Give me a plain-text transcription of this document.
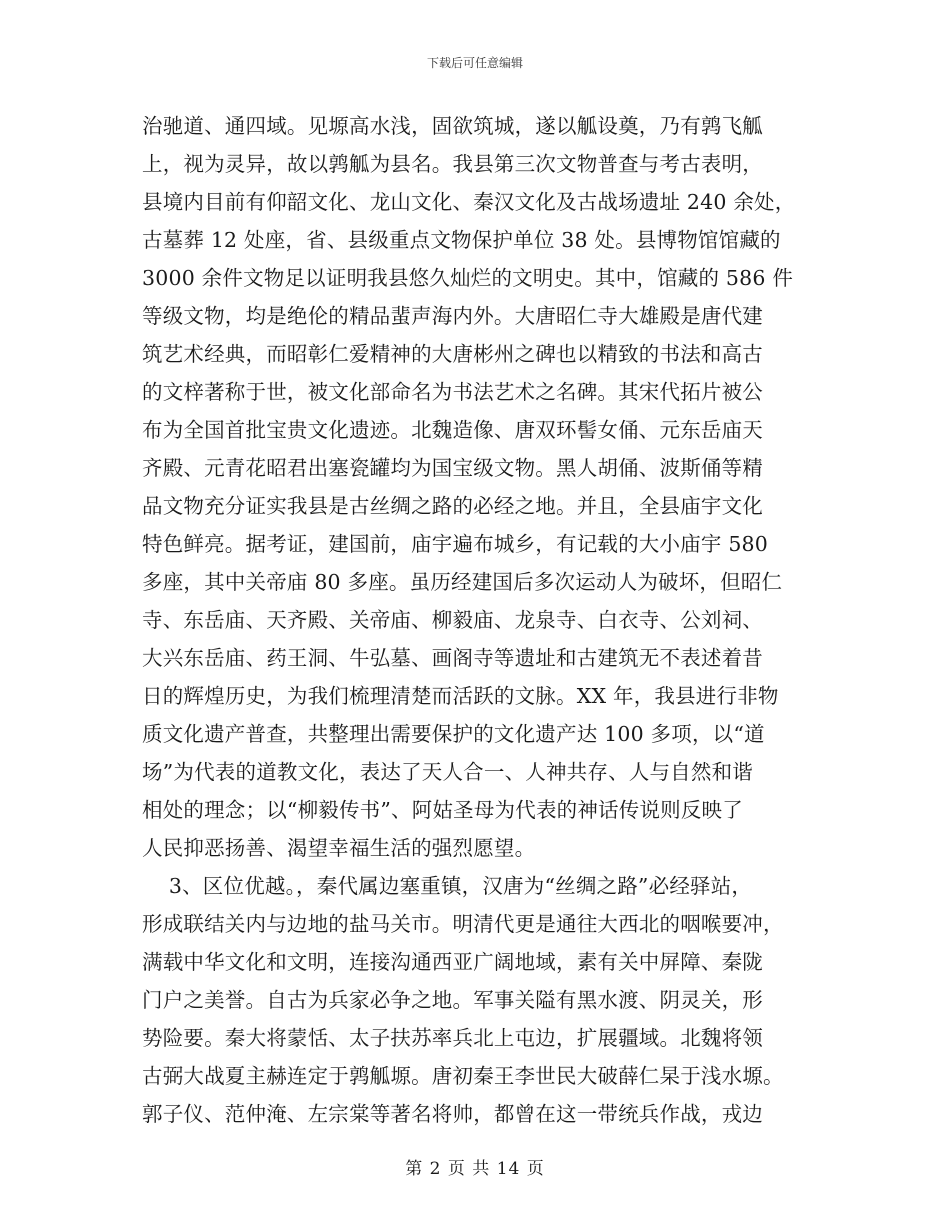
下载后可任意编辑
治驰道、通四域。见塬高水浅，固欲筑城，遂以觚设奠，乃有鹑飞觚
上，视为灵异，故以鹑觚为县名。我县第三次文物普查与考古表明，
县境内目前有仰韶文化、龙山文化、秦汉文化及古战场遗址 240 余处，
古墓葬 12 处座，省、县级重点文物保护单位 38 处。县博物馆馆藏的
3000 余件文物足以证明我县悠久灿烂的文明史。其中，馆藏的 586 件
等级文物，均是绝伦的精品蜚声海内外。大唐昭仁寺大雄殿是唐代建
筑艺术经典，而昭彰仁爱精神的大唐彬州之碑也以精致的书法和高古
的文梓著称于世，被文化部命名为书法艺术之名碑。其宋代拓片被公
布为全国首批宝贵文化遗迹。北魏造像、唐双环髻女俑、元东岳庙天
齐殿、元青花昭君出塞瓷罐均为国宝级文物。黑人胡俑、波斯俑等精
品文物充分证实我县是古丝绸之路的必经之地。并且，全县庙宇文化
特色鲜亮。据考证，建国前，庙宇遍布城乡，有记载的大小庙宇 580
多座，其中关帝庙 80 多座。虽历经建国后多次运动人为破坏，但昭仁
寺、东岳庙、天齐殿、关帝庙、柳毅庙、龙泉寺、白衣寺、公刘祠、
大兴东岳庙、药王洞、牛弘墓、画阁寺等遗址和古建筑无不表述着昔
日的辉煌历史，为我们梳理清楚而活跃的文脉。XX 年，我县进行非物
质文化遗产普查，共整理出需要保护的文化遗产达 100 多项，以“道
场”为代表的道教文化，表达了天人合一、人神共存、人与自然和谐
相处的理念；以“柳毅传书”、阿姑圣母为代表的神话传说则反映了
人民抑恶扬善、渴望幸福生活的强烈愿望。
3、区位优越。，秦代属边塞重镇，汉唐为“丝绸之路”必经驿站，
形成联结关内与边地的盐马关市。明清代更是通往大西北的咽喉要冲，
满载中华文化和文明，连接沟通西亚广阔地域，素有关中屏障、秦陇
门户之美誉。自古为兵家必争之地。军事关隘有黑水渡、阴灵关，形
势险要。秦大将蒙恬、太子扶苏率兵北上屯边，扩展疆域。北魏将领
古弼大战夏主赫连定于鹑觚塬。唐初秦王李世民大破薛仁杲于浅水塬。
郭子仪、范仲淹、左宗棠等著名将帅，都曾在这一带统兵作战，戎边
第 2 页 共 14 页
